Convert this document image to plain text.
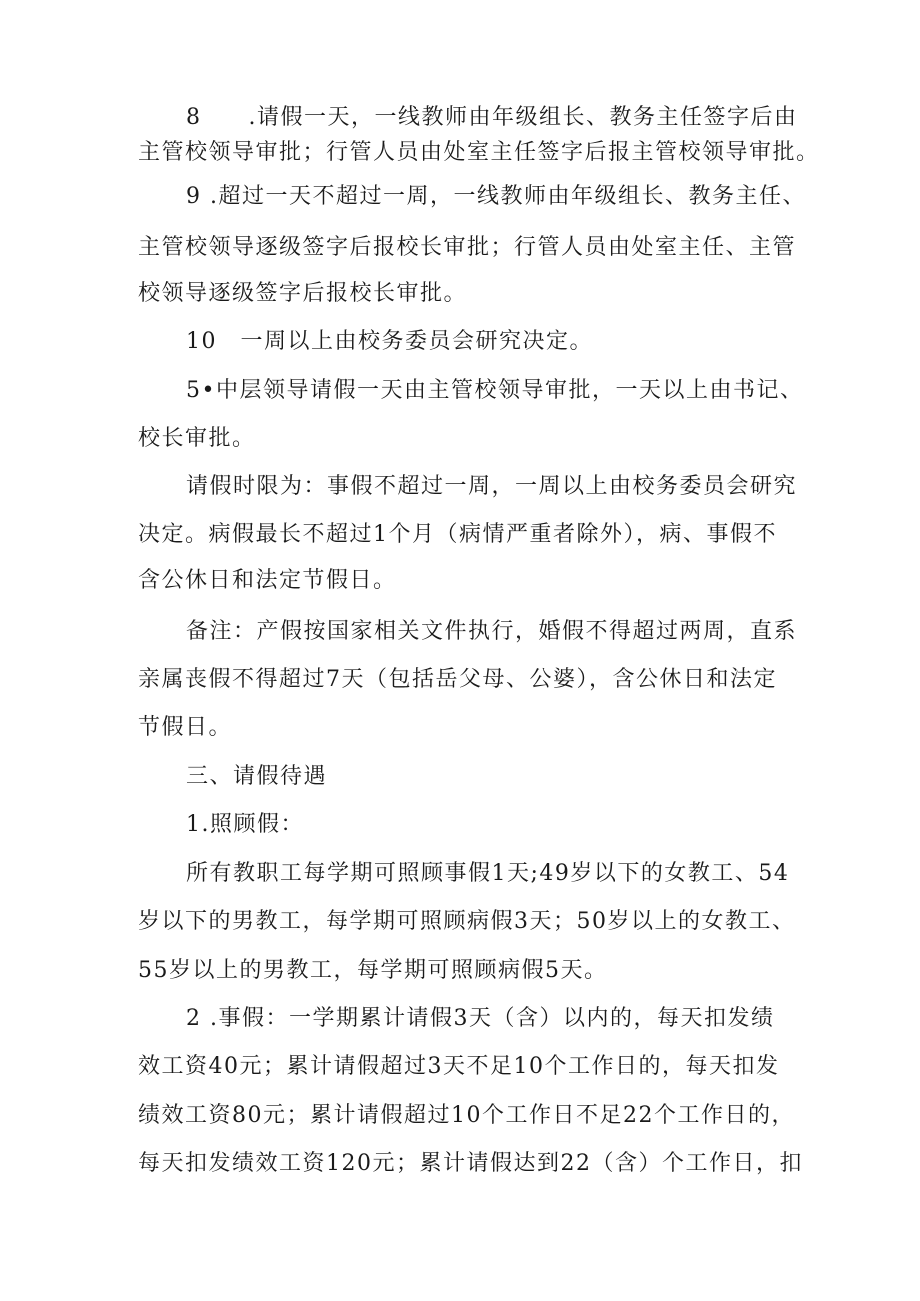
8　　.请假一天，一线教师由年级组长、教务主任签字后由
主管校领导审批；行管人员由处室主任签字后报主管校领导审批。
9 .超过一天不超过一周，一线教师由年级组长、教务主任、
主管校领导逐级签字后报校长审批；行管人员由处室主任、主管
校领导逐级签字后报校长审批。
10　一周以上由校务委员会研究决定。
5•中层领导请假一天由主管校领导审批，一天以上由书记、
校长审批。
请假时限为：事假不超过一周，一周以上由校务委员会研究
决定。病假最长不超过1个月（病情严重者除外），病、事假不
含公休日和法定节假日。
备注：产假按国家相关文件执行，婚假不得超过两周，直系
亲属丧假不得超过7天（包括岳父母、公婆），含公休日和法定
节假日。
三、请假待遇
1.照顾假：
所有教职工每学期可照顾事假1天;49岁以下的女教工、54
岁以下的男教工，每学期可照顾病假3天；50岁以上的女教工、
55岁以上的男教工，每学期可照顾病假5天。
2 .事假：一学期累计请假3天（含）以内的，每天扣发绩
效工资40元；累计请假超过3天不足10个工作日的，每天扣发
绩效工资80元；累计请假超过10个工作日不足22个工作日的，
每天扣发绩效工资120元；累计请假达到22（含）个工作日，扣
